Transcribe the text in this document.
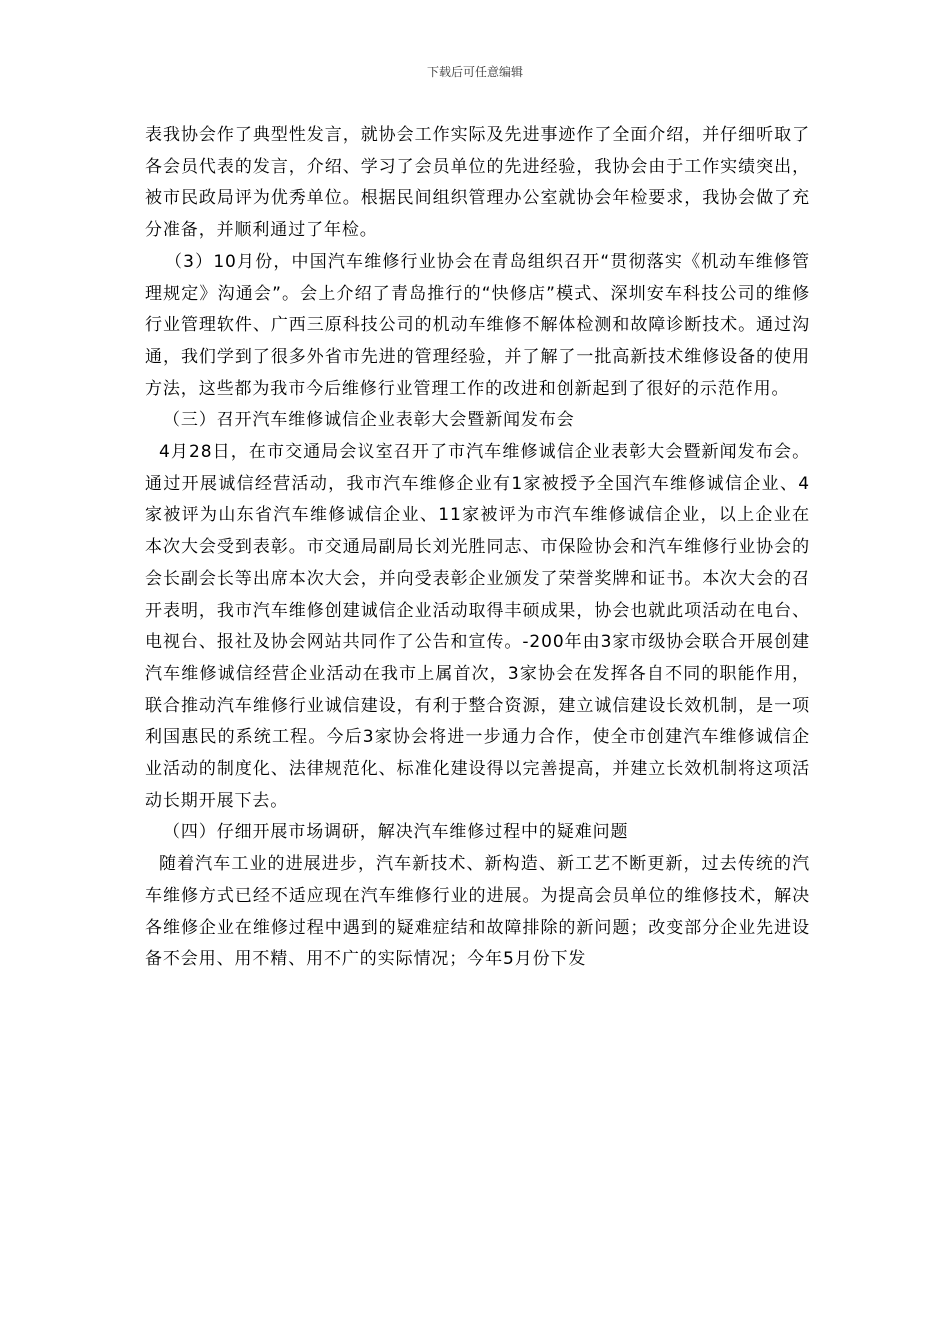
下载后可任意编辑

表我协会作了典型性发言，就协会工作实际及先进事迹作了全面介绍，并仔细听取了各会员代表的发言，介绍、学习了会员单位的先进经验，我协会由于工作实绩突出，被市民政局评为优秀单位。根据民间组织管理办公室就协会年检要求，我协会做了充分准备，并顺利通过了年检。

（3）10月份，中国汽车维修行业协会在青岛组织召开“贯彻落实《机动车维修管理规定》沟通会”。会上介绍了青岛推行的“快修店”模式、深圳安车科技公司的维修行业管理软件、广西三原科技公司的机动车维修不解体检测和故障诊断技术。通过沟通，我们学到了很多外省市先进的管理经验，并了解了一批高新技术维修设备的使用方法，这些都为我市今后维修行业管理工作的改进和创新起到了很好的示范作用。

（三）召开汽车维修诚信企业表彰大会暨新闻发布会

4月28日，在市交通局会议室召开了市汽车维修诚信企业表彰大会暨新闻发布会。通过开展诚信经营活动，我市汽车维修企业有1家被授予全国汽车维修诚信企业、4家被评为山东省汽车维修诚信企业、11家被评为市汽车维修诚信企业，以上企业在本次大会受到表彰。市交通局副局长刘光胜同志、市保险协会和汽车维修行业协会的会长副会长等出席本次大会，并向受表彰企业颁发了荣誉奖牌和证书。本次大会的召开表明，我市汽车维修创建诚信企业活动取得丰硕成果，协会也就此项活动在电台、电视台、报社及协会网站共同作了公告和宣传。-200年由3家市级协会联合开展创建汽车维修诚信经营企业活动在我市上属首次，3家协会在发挥各自不同的职能作用，联合推动汽车维修行业诚信建设，有利于整合资源，建立诚信建设长效机制，是一项利国惠民的系统工程。今后3家协会将进一步通力合作，使全市创建汽车维修诚信企业活动的制度化、法律规范化、标准化建设得以完善提高，并建立长效机制将这项活动长期开展下去。

（四）仔细开展市场调研，解决汽车维修过程中的疑难问题

随着汽车工业的进展进步，汽车新技术、新构造、新工艺不断更新，过去传统的汽车维修方式已经不适应现在汽车维修行业的进展。为提高会员单位的维修技术，解决各维修企业在维修过程中遇到的疑难症结和故障排除的新问题；改变部分企业先进设备不会用、用不精、用不广的实际情况；今年5月份下发
